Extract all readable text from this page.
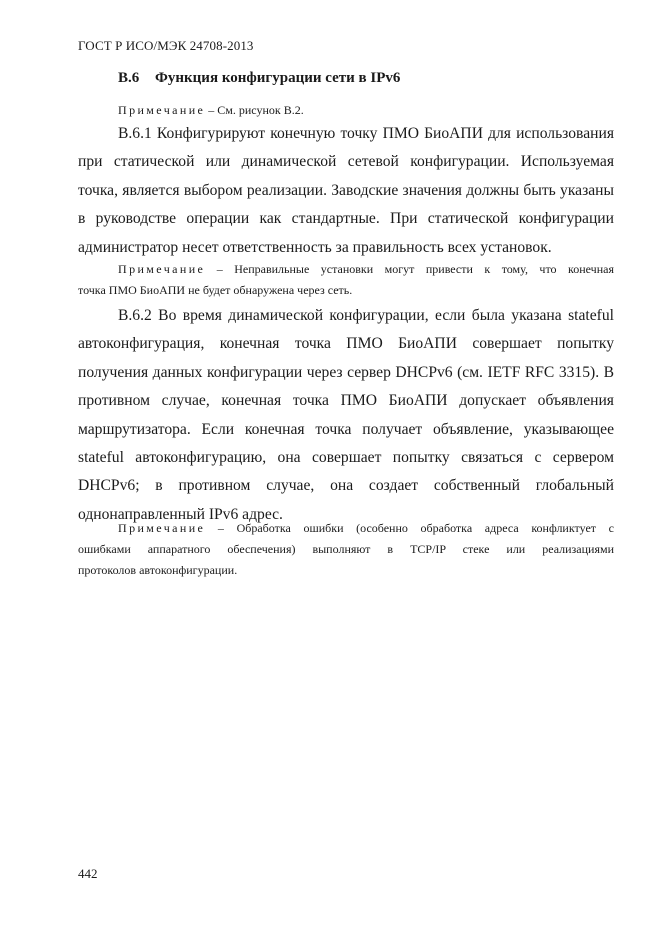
ГОСТ Р ИСО/МЭК 24708-2013
В.6 Функция конфигурации сети в IPv6
Примечание – См. рисунок В.2.
В.6.1 Конфигурируют конечную точку ПМО БиоАПИ для использования
при статической или динамической сетевой конфигурации. Используемая
точка, является выбором реализации. Заводские значения должны быть указаны
в руководстве операции как стандартные. При статической конфигурации
администратор несет ответственность за правильность всех установок.
Примечание – Неправильные установки могут привести к тому, что конечная
точка ПМО БиоАПИ не будет обнаружена через сеть.
В.6.2 Во время динамической конфигурации, если была указана stateful
автоконфигурация, конечная точка ПМО БиоАПИ совершает попытку
получения данных конфигурации через сервер DHCPv6 (см. IETF RFC 3315). В
противном случае, конечная точка ПМО БиоАПИ допускает объявления
маршрутизатора. Если конечная точка получает объявление, указывающее
stateful автоконфигурацию, она совершает попытку связаться с сервером
DHCPv6; в противном случае, она создает собственный глобальный
однонаправленный IPv6 адрес.
Примечание – Обработка ошибки (особенно обработка адреса конфликтует с
ошибками аппаратного обеспечения) выполняют в TCP/IP стеке или реализациями
протоколов автоконфигурации.
442
